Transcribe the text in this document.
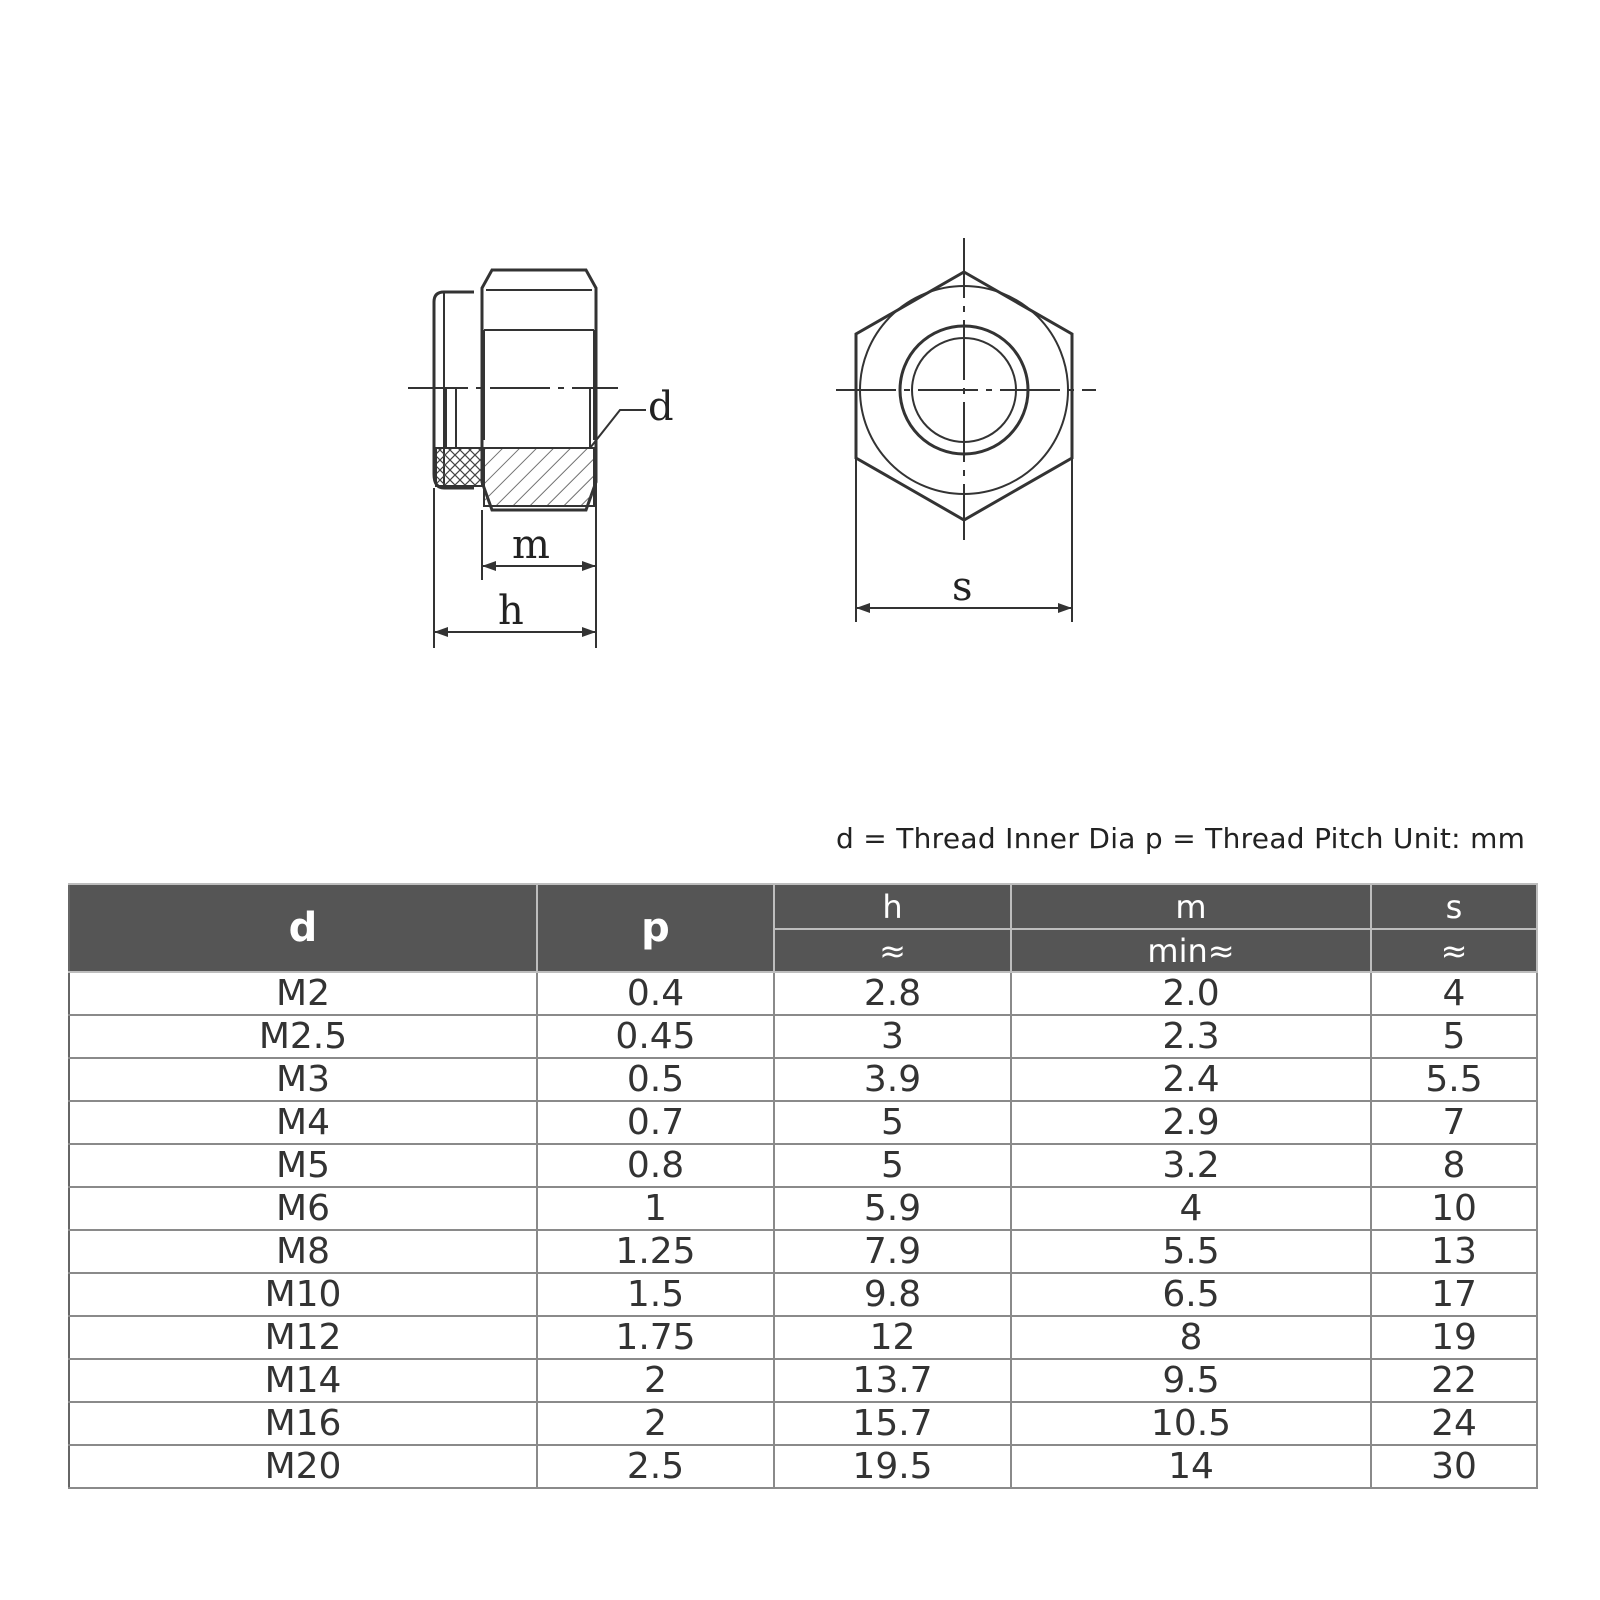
d
m
h
s
d = Thread Inner Dia p = Thread Pitch Unit: mm
d	p	h	m	s
		≈	min≈	≈
M2	0.4	2.8	2.0	4
M2.5	0.45	3	2.3	5
M3	0.5	3.9	2.4	5.5
M4	0.7	5	2.9	7
M5	0.8	5	3.2	8
M6	1	5.9	4	10
M8	1.25	7.9	5.5	13
M10	1.5	9.8	6.5	17
M12	1.75	12	8	19
M14	2	13.7	9.5	22
M16	2	15.7	10.5	24
M20	2.5	19.5	14	30
